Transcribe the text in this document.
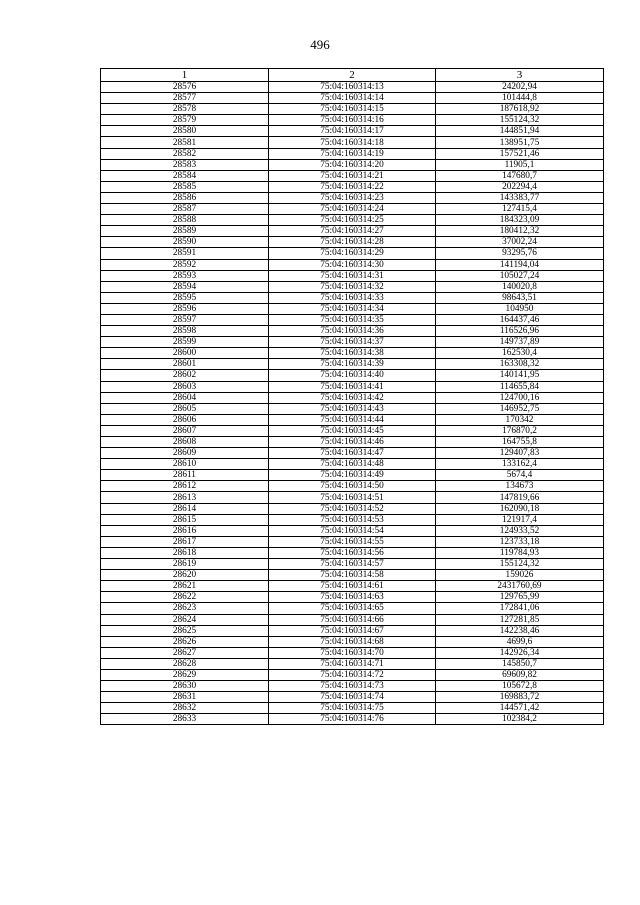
496
1	2	3
28576	75:04:160314:13	24202,94
28577	75:04:160314:14	101444,8
28578	75:04:160314:15	187618,92
28579	75:04:160314:16	155124,32
28580	75:04:160314:17	144851,94
28581	75:04:160314:18	138951,75
28582	75:04:160314:19	157521,46
28583	75:04:160314:20	11905,1
28584	75:04:160314:21	147680,7
28585	75:04:160314:22	202294,4
28586	75:04:160314:23	143383,77
28587	75:04:160314:24	127415,4
28588	75:04:160314:25	184323,09
28589	75:04:160314:27	180412,32
28590	75:04:160314:28	37002,24
28591	75:04:160314:29	93295,76
28592	75:04:160314:30	141194,04
28593	75:04:160314:31	105027,24
28594	75:04:160314:32	140020,8
28595	75:04:160314:33	98643,51
28596	75:04:160314:34	104950
28597	75:04:160314:35	164437,46
28598	75:04:160314:36	116526,96
28599	75:04:160314:37	149737,89
28600	75:04:160314:38	162530,4
28601	75:04:160314:39	163308,32
28602	75:04:160314:40	140141,95
28603	75:04:160314:41	114655,84
28604	75:04:160314:42	124700,16
28605	75:04:160314:43	146952,75
28606	75:04:160314:44	170342
28607	75:04:160314:45	176870,2
28608	75:04:160314:46	164755,8
28609	75:04:160314:47	129407,83
28610	75:04:160314:48	133162,4
28611	75:04:160314:49	5674,4
28612	75:04:160314:50	134673
28613	75:04:160314:51	147819,66
28614	75:04:160314:52	162090,18
28615	75:04:160314:53	121917,4
28616	75:04:160314:54	124933,52
28617	75:04:160314:55	123733,18
28618	75:04:160314:56	119784,93
28619	75:04:160314:57	155124,32
28620	75:04:160314:58	159026
28621	75:04:160314:61	2431760,69
28622	75:04:160314:63	129765,99
28623	75:04:160314:65	172841,06
28624	75:04:160314:66	127281,85
28625	75:04:160314:67	142238,46
28626	75:04:160314:68	4699,6
28627	75:04:160314:70	142926,34
28628	75:04:160314:71	145850,7
28629	75:04:160314:72	69609,82
28630	75:04:160314:73	105672,8
28631	75:04:160314:74	169883,72
28632	75:04:160314:75	144571,42
28633	75:04:160314:76	102384,2
